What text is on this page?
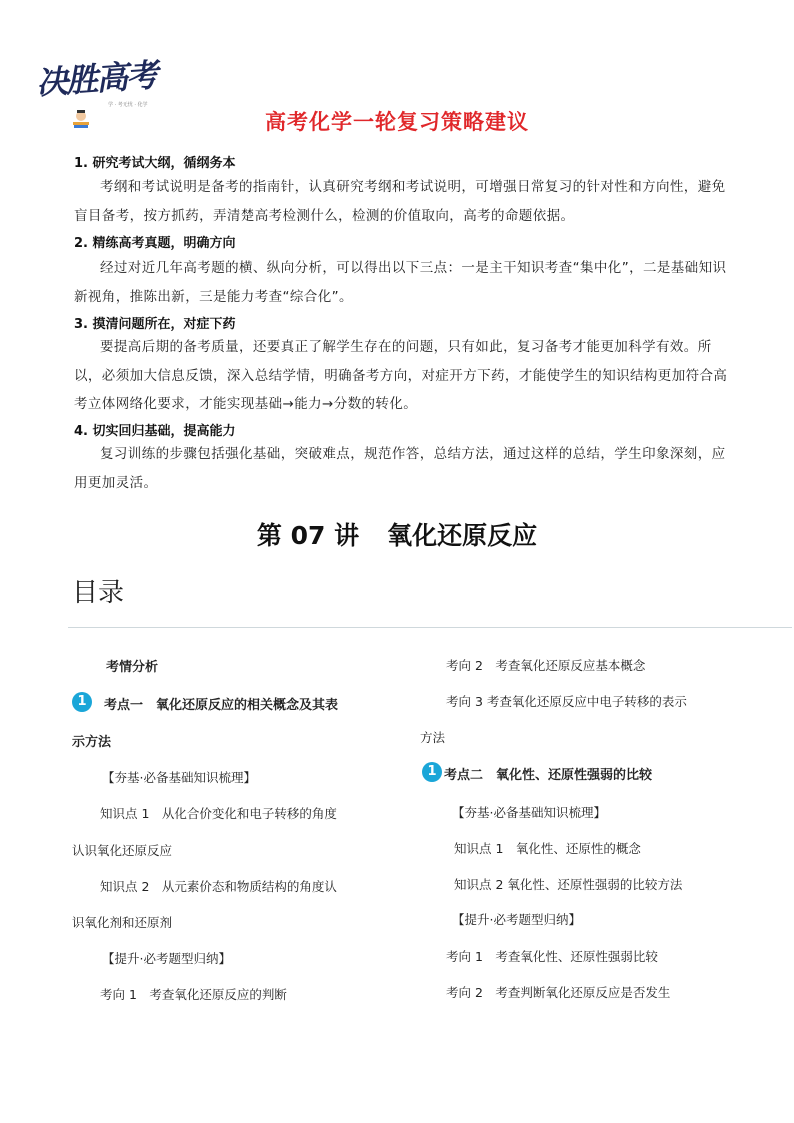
决胜高考
学 · 考无忧 · 化学
高考化学一轮复习策略建议
1. 研究考试大纲，循纲务本
考纲和考试说明是备考的指南针，认真研究考纲和考试说明，可增强日常复习的针对性和方向性，避免盲目备考，按方抓药，弄清楚高考检测什么，检测的价值取向，高考的命题依据。
2. 精练高考真题，明确方向
经过对近几年高考题的横、纵向分析，可以得出以下三点：一是主干知识考查“集中化”，二是基础知识新视角，推陈出新，三是能力考查“综合化”。
3. 摸清问题所在，对症下药
要提高后期的备考质量，还要真正了解学生存在的问题，只有如此，复习备考才能更加科学有效。所以，必须加大信息反馈，深入总结学情，明确备考方向，对症开方下药，才能使学生的知识结构更加符合高考立体网络化要求，才能实现基础→能力→分数的转化。
4. 切实回归基础，提高能力
复习训练的步骤包括强化基础，突破难点，规范作答，总结方法，通过这样的总结，学生印象深刻，应用更加灵活。
第 07 讲 氧化还原反应
目录
考情分析
1	考点一　氧化还原反应的相关概念及其表
示方法
【夯基·必备基础知识梳理】
知识点 1　从化合价变化和电子转移的角度
认识氧化还原反应
知识点 2　从元素价态和物质结构的角度认
识氧化剂和还原剂
【提升·必考题型归纳】
考向 1　考查氧化还原反应的判断
考向 2　考查氧化还原反应基本概念
考向 3 考查氧化还原反应中电子转移的表示
方法
1 考点二　氧化性、还原性强弱的比较
【夯基·必备基础知识梳理】
知识点 1　氧化性、还原性的概念
知识点 2 氧化性、还原性强弱的比较方法
【提升·必考题型归纳】
考向 1　考查氧化性、还原性强弱比较
考向 2　考查判断氧化还原反应是否发生
